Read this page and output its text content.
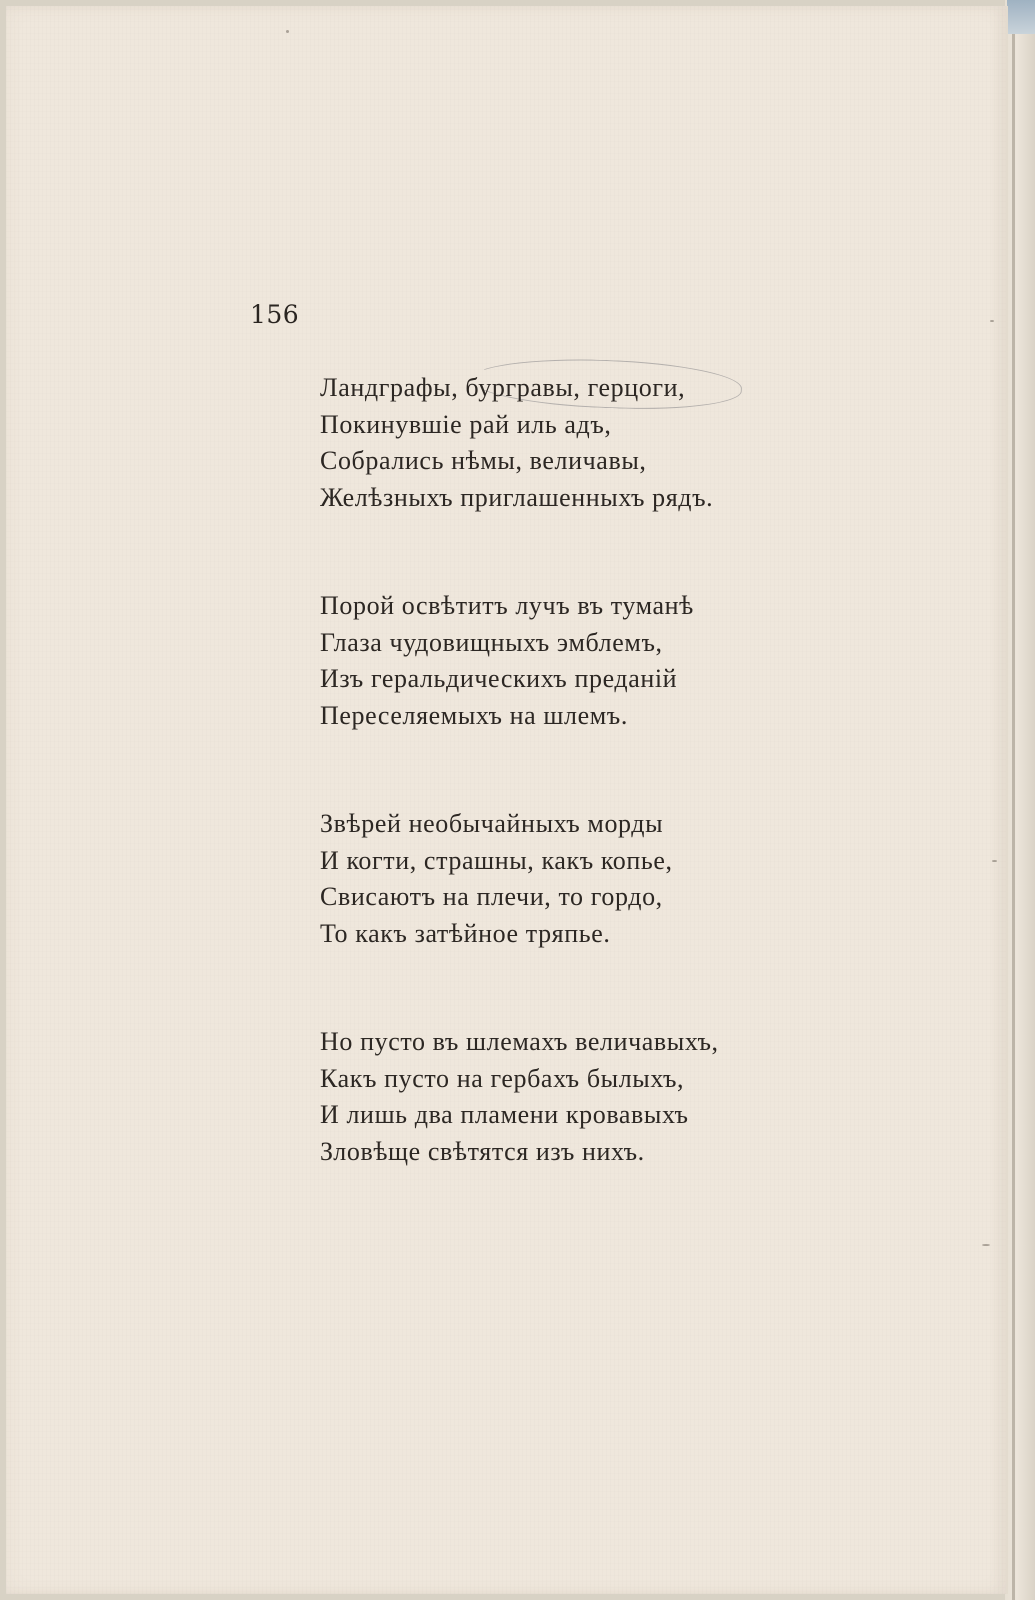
156
Ландграфы, бургравы, герцоги,
Покинувшіе рай иль адъ,
Собрались нѣмы, величавы,
Желѣзныхъ приглашенныхъ рядъ.
Порой освѣтитъ лучъ въ туманѣ
Глаза чудовищныхъ эмблемъ,
Изъ геральдическихъ преданій
Переселяемыхъ на шлемъ.
Звѣрей необычайныхъ морды
И когти, страшны, какъ копье,
Свисаютъ на плечи, то гордо,
То какъ затѣйное тряпье.
Но пусто въ шлемахъ величавыхъ,
Какъ пусто на гербахъ былыхъ,
И лишь два пламени кровавыхъ
Зловѣще свѣтятся изъ нихъ.
